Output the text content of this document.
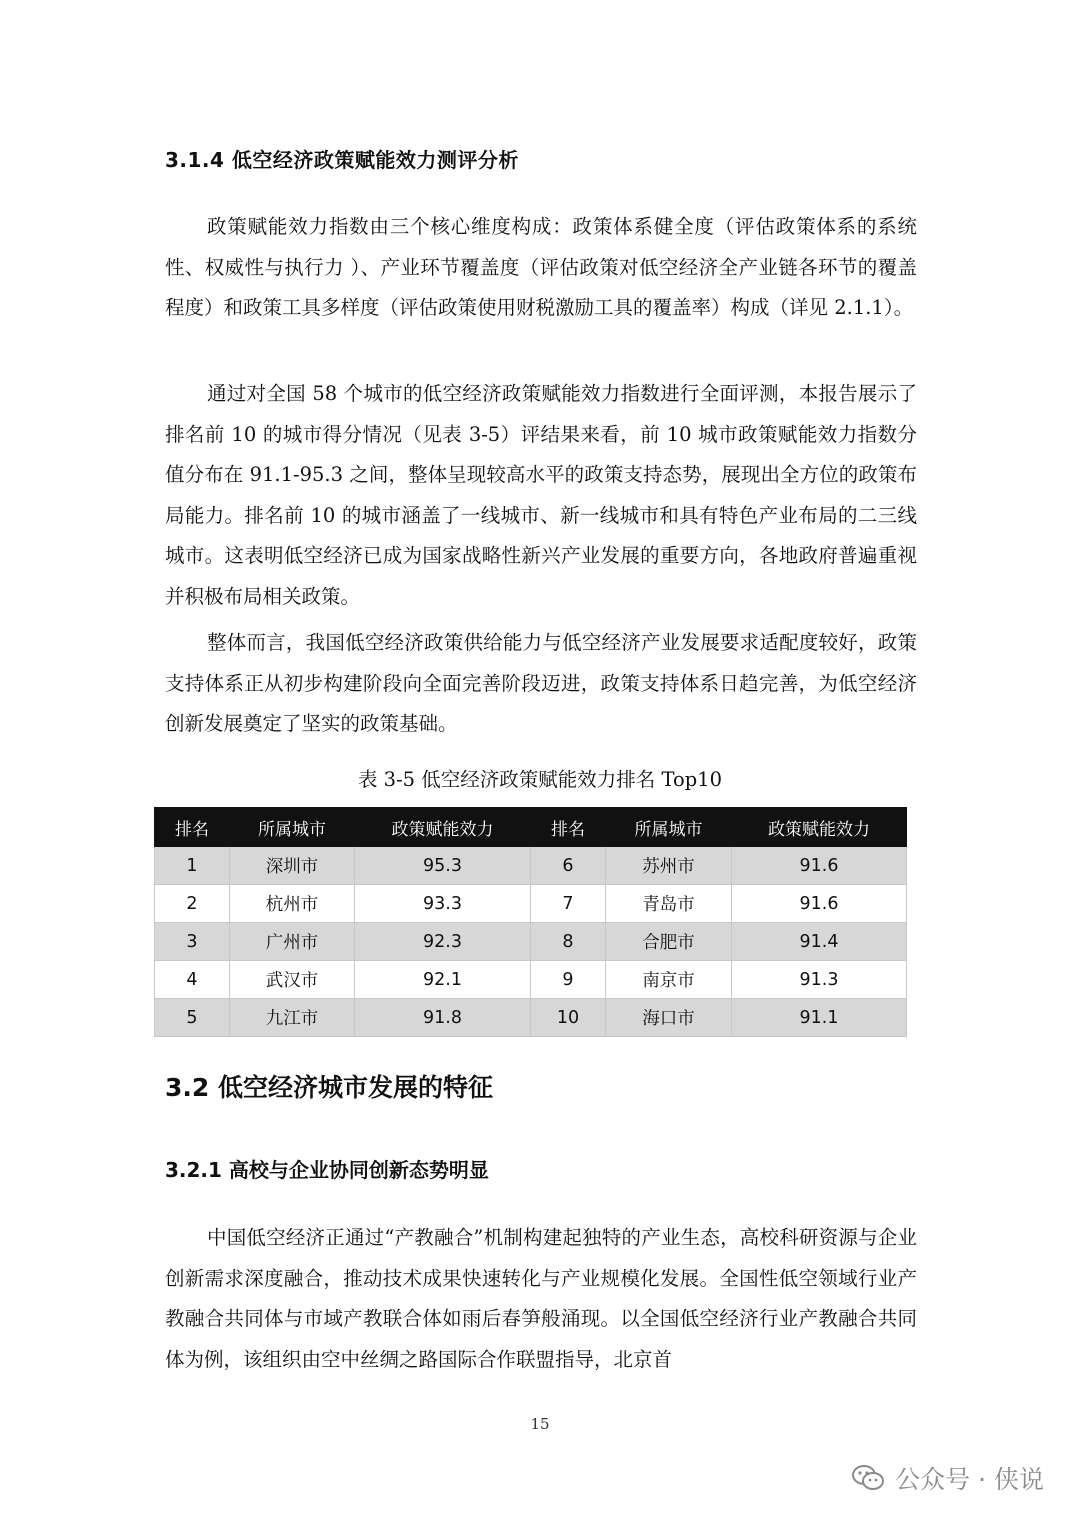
3.1.4 低空经济政策赋能效力测评分析

政策赋能效力指数由三个核心维度构成：政策体系健全度（评估政策体系的系统性、权威性与执行力 ）、产业环节覆盖度（评估政策对低空经济全产业链各环节的覆盖程度）和政策工具多样度（评估政策使用财税激励工具的覆盖率）构成（详见 2.1.1）。

通过对全国 58 个城市的低空经济政策赋能效力指数进行全面评测，本报告展示了排名前 10 的城市得分情况（见表 3-5）评结果来看，前 10 城市政策赋能效力指数分值分布在 91.1-95.3 之间，整体呈现较高水平的政策支持态势，展现出全方位的政策布局能力。排名前 10 的城市涵盖了一线城市、新一线城市和具有特色产业布局的二三线城市。这表明低空经济已成为国家战略性新兴产业发展的重要方向，各地政府普遍重视并积极布局相关政策。

整体而言，我国低空经济政策供给能力与低空经济产业发展要求适配度较好，政策支持体系正从初步构建阶段向全面完善阶段迈进，政策支持体系日趋完善，为低空经济创新发展奠定了坚实的政策基础。

表 3-5 低空经济政策赋能效力排名 Top10
排名	所属城市	政策赋能效力	排名	所属城市	政策赋能效力
1	深圳市	95.3	6	苏州市	91.6
2	杭州市	93.3	7	青岛市	91.6
3	广州市	92.3	8	合肥市	91.4
4	武汉市	92.1	9	南京市	91.3
5	九江市	91.8	10	海口市	91.1
3.2 低空经济城市发展的特征
3.2.1 高校与企业协同创新态势明显

中国低空经济正通过“产教融合”机制构建起独特的产业生态，高校科研资源与企业创新需求深度融合，推动技术成果快速转化与产业规模化发展。全国性低空领域行业产教融合共同体与市域产教联合体如雨后春笋般涌现。以全国低空经济行业产教融合共同体为例，该组织由空中丝绸之路国际合作联盟指导，北京首

15
公众号 · 侠说
